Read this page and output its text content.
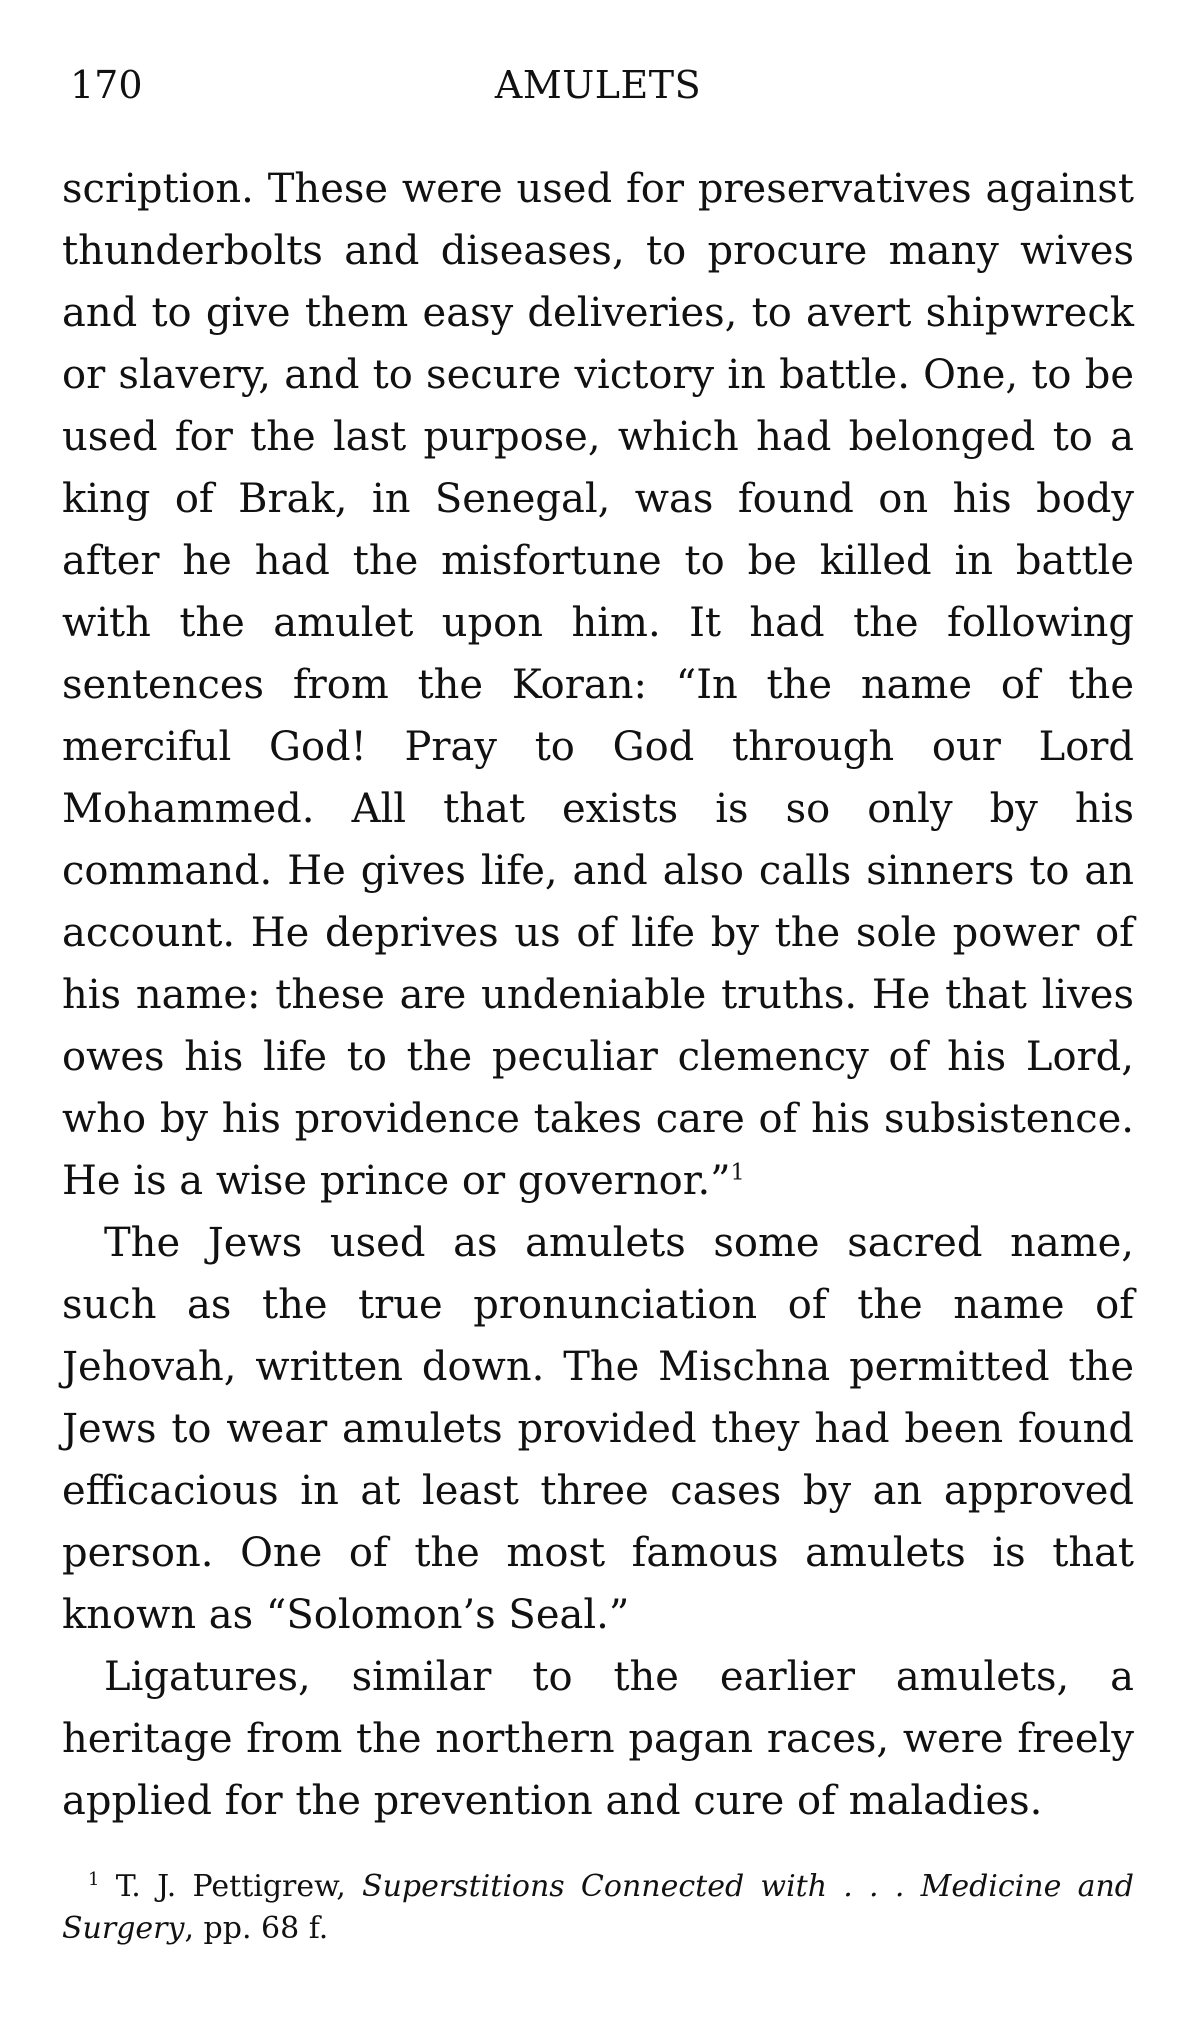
170	AMULETS

scription. These were used for preservatives against thunderbolts and diseases, to procure many wives and to give them easy deliveries, to avert shipwreck or slavery, and to secure victory in battle. One, to be used for the last purpose, which had belonged to a king of Brak, in Senegal, was found on his body after he had the misfortune to be killed in battle with the amulet upon him. It had the following sentences from the Koran: “In the name of the merciful God! Pray to God through our Lord Mohammed. All that exists is so only by his command. He gives life, and also calls sinners to an account. He deprives us of life by the sole power of his name: these are undeniable truths. He that lives owes his life to the peculiar clemency of his Lord, who by his providence takes care of his subsistence. He is a wise prince or governor.”$^1$

The Jews used as amulets some sacred name, such as the true pronunciation of the name of Jehovah, written down. The Mischna permitted the Jews to wear amulets provided they had been found efficacious in at least three cases by an approved person. One of the most famous amulets is that known as “Solomon’s Seal.”

Ligatures, similar to the earlier amulets, a heritage from the northern pagan races, were freely applied for the prevention and cure of maladies.

$^1$ T. J. Pettigrew, Superstitions Connected with . . . Medicine and Surgery, pp. 68 f.
